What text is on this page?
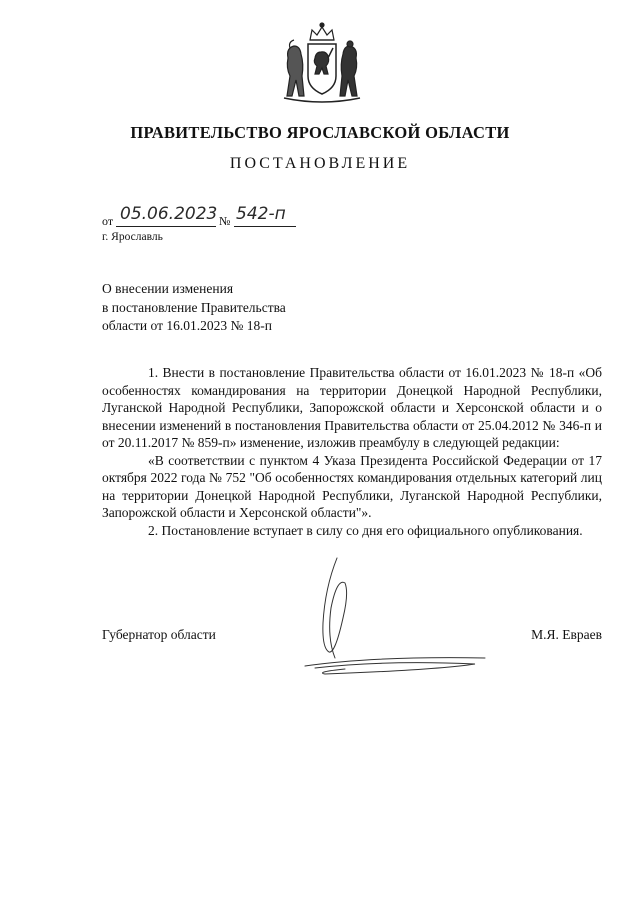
ПРАВИТЕЛЬСТВО ЯРОСЛАВСКОЙ ОБЛАСТИ
ПОСТАНОВЛЕНИЕ
от 05.06.2023 № 542-п
г. Ярославль
О внесении изменения
в постановление Правительства
области от 16.01.2023 № 18-п

1. Внести в постановление Правительства области от 16.01.2023 № 18-п «Об особенностях командирования на территории Донецкой Народной Республики, Луганской Народной Республики, Запорожской области и Херсонской области и о внесении изменений в постановления Правительства области от 25.04.2012 № 346-п и от 20.11.2017 № 859-п» изменение, изложив преамбулу в следующей редакции:

«В соответствии с пунктом 4 Указа Президента Российской Федерации от 17 октября 2022 года № 752 "Об особенностях командирования отдельных категорий лиц на территории Донецкой Народной Республики, Луганской Народной Республики, Запорожской области и Херсонской области"».

2. Постановление вступает в силу со дня его официального опубликования.

Губернатор области	М.Я. Евраев
